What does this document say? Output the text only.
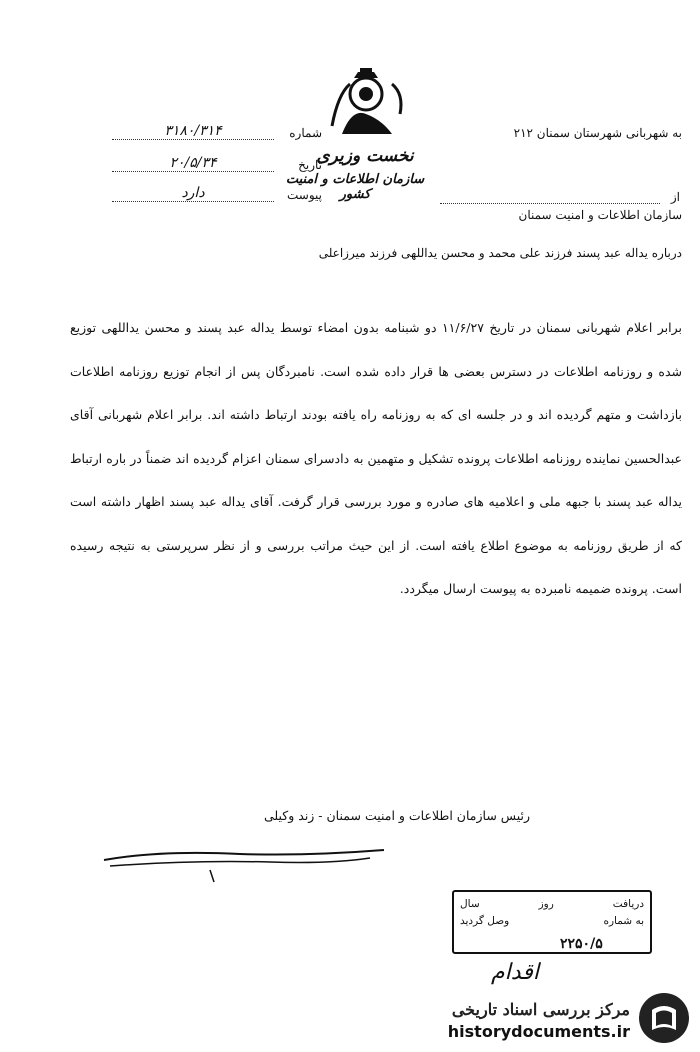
نخست وزیری
سازمان اطلاعات و امنیت کشور
شماره
۳۱۸۰/۳۱۴
تاریخ
۲۰/۵/۳۴
پیوست
دارد
به شهربانی شهرستان سمنان ۲۱۲
از
سازمان اطلاعات و امنیت سمنان
درباره یداله عبد پسند فرزند علی محمد و محسن یداللهی فرزند میرزاعلی
برابر اعلام شهربانی سمنان در تاریخ ۱۱/۶/۲۷ دو شبنامه بدون امضاء توسط یداله عبد پسند و محسن یداللهی توزیع شده و روزنامه اطلاعات در دسترس بعضی ها قرار داده شده است. نامبردگان پس از انجام توزیع روزنامه اطلاعات بازداشت و متهم گردیده اند و در جلسه ای که به روزنامه راه یافته بودند ارتباط داشته اند. برابر اعلام شهربانی آقای عبدالحسین نماینده روزنامه اطلاعات پرونده تشکیل و متهمین به دادسرای سمنان اعزام گردیده اند ضمناً در باره ارتباط یداله عبد پسند با جبهه ملی و اعلامیه های صادره و مورد بررسی قرار گرفت. آقای یداله عبد پسند اظهار داشته است که از طریق روزنامه به موضوع اطلاع یافته است. از این حیث مراتب بررسی و از نظر سرپرستی به نتیجه رسیده است. پرونده ضمیمه نامبرده به پیوست ارسال میگردد.
رئیس سازمان اطلاعات و امنیت سمنان - زند وکیلی
دریافت
روز
سال
به شماره
وصل گردید
۲۲۵۰/۵
اقدام
مرکز بررسی اسناد تاریخی
historydocuments.ir
